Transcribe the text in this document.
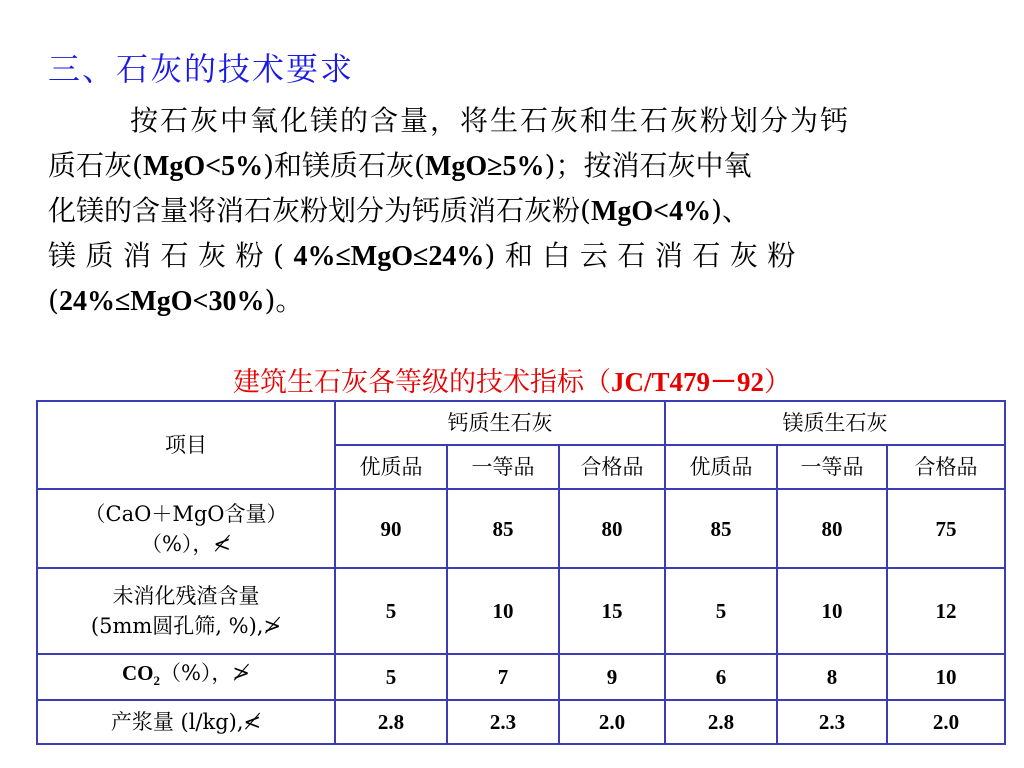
三、石灰的技术要求
按石灰中氧化镁的含量，将生石灰和生石灰粉划分为钙
质石灰(MgO<5%)和镁质石灰(MgO≥5%)；按消石灰中氧
化镁的含量将消石灰粉划分为钙质消石灰粉(MgO<4%)、
镁质消石灰粉(4%≤MgO≤24%)和白云石消石灰粉
(24%≤MgO<30%)。
建筑生石灰各等级的技术指标（JC/T479－92）
项目	钙质生石灰			镁质生石灰		
	优质品	一等品	合格品	优质品	一等品	合格品

（CaO＋MgO含量）
（%），≮	90	85	80	85	80	75

未消化残渣含量
(5mm圆孔筛, %),≯	5	10	15	5	10	12
$CO_2(\%)$，≯	5	7	9	6	8	10
产浆量 (l/kg),≮	2.8	2.3	2.0	2.8	2.3	2.0
